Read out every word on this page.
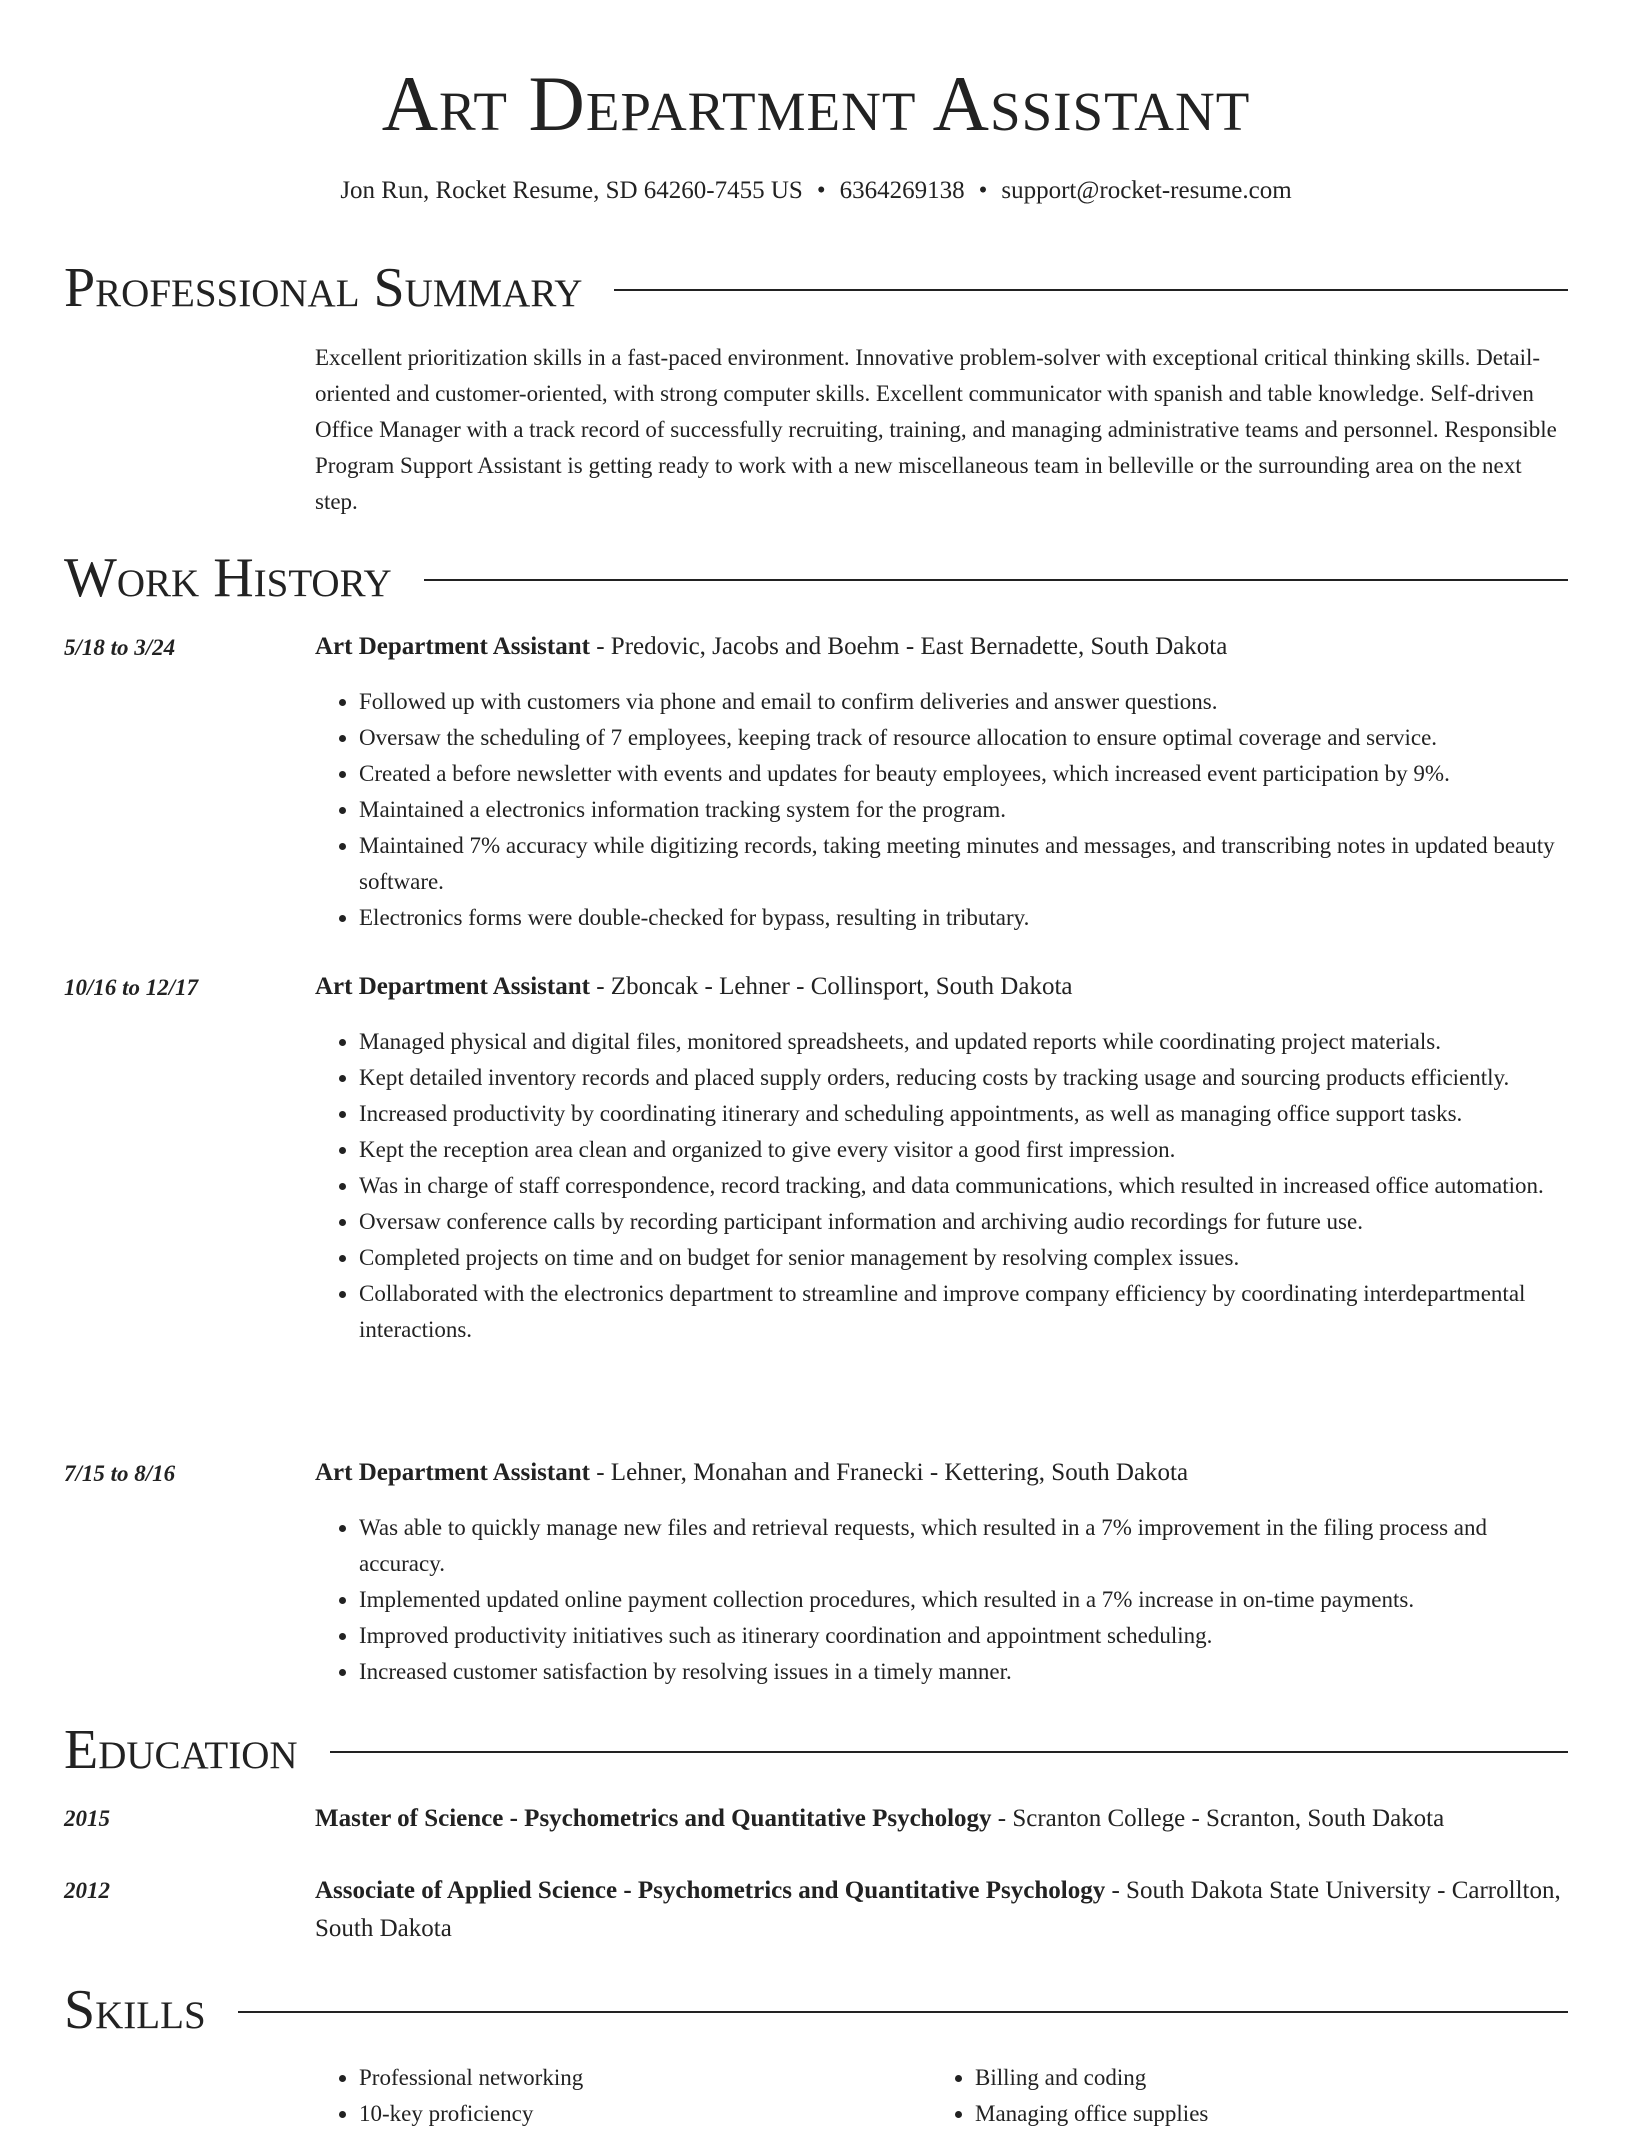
Art Department Assistant
Jon Run, Rocket Resume, SD 64260-7455 US • 6364269138 • support@rocket-resume.com
Professional Summary
Excellent prioritization skills in a fast-paced environment. Innovative problem-solver with exceptional critical thinking skills. Detail-oriented and customer-oriented, with strong computer skills. Excellent communicator with spanish and table knowledge. Self-driven Office Manager with a track record of successfully recruiting, training, and managing administrative teams and personnel. Responsible Program Support Assistant is getting ready to work with a new miscellaneous team in belleville or the surrounding area on the next step.
Work History
5/18 to 3/24	Art Department Assistant - Predovic, Jacobs and Boehm - East Bernadette, South Dakota
• Followed up with customers via phone and email to confirm deliveries and answer questions.
• Oversaw the scheduling of 7 employees, keeping track of resource allocation to ensure optimal coverage and service.
• Created a before newsletter with events and updates for beauty employees, which increased event participation by 9%.
• Maintained a electronics information tracking system for the program.
• Maintained 7% accuracy while digitizing records, taking meeting minutes and messages, and transcribing notes in updated beauty software.
• Electronics forms were double-checked for bypass, resulting in tributary.
10/16 to 12/17	Art Department Assistant - Zboncak - Lehner - Collinsport, South Dakota
• Managed physical and digital files, monitored spreadsheets, and updated reports while coordinating project materials.
• Kept detailed inventory records and placed supply orders, reducing costs by tracking usage and sourcing products efficiently.
• Increased productivity by coordinating itinerary and scheduling appointments, as well as managing office support tasks.
• Kept the reception area clean and organized to give every visitor a good first impression.
• Was in charge of staff correspondence, record tracking, and data communications, which resulted in increased office automation.
• Oversaw conference calls by recording participant information and archiving audio recordings for future use.
• Completed projects on time and on budget for senior management by resolving complex issues.
• Collaborated with the electronics department to streamline and improve company efficiency by coordinating interdepartmental interactions.
7/15 to 8/16	Art Department Assistant - Lehner, Monahan and Franecki - Kettering, South Dakota
• Was able to quickly manage new files and retrieval requests, which resulted in a 7% improvement in the filing process and accuracy.
• Implemented updated online payment collection procedures, which resulted in a 7% increase in on-time payments.
• Improved productivity initiatives such as itinerary coordination and appointment scheduling.
• Increased customer satisfaction by resolving issues in a timely manner.
Education
2015	Master of Science - Psychometrics and Quantitative Psychology - Scranton College - Scranton, South Dakota
2012	Associate of Applied Science - Psychometrics and Quantitative Psychology - South Dakota State University - Carrollton, South Dakota
Skills
• Professional networking
• 10-key proficiency
• Billing and coding
• Managing office supplies
